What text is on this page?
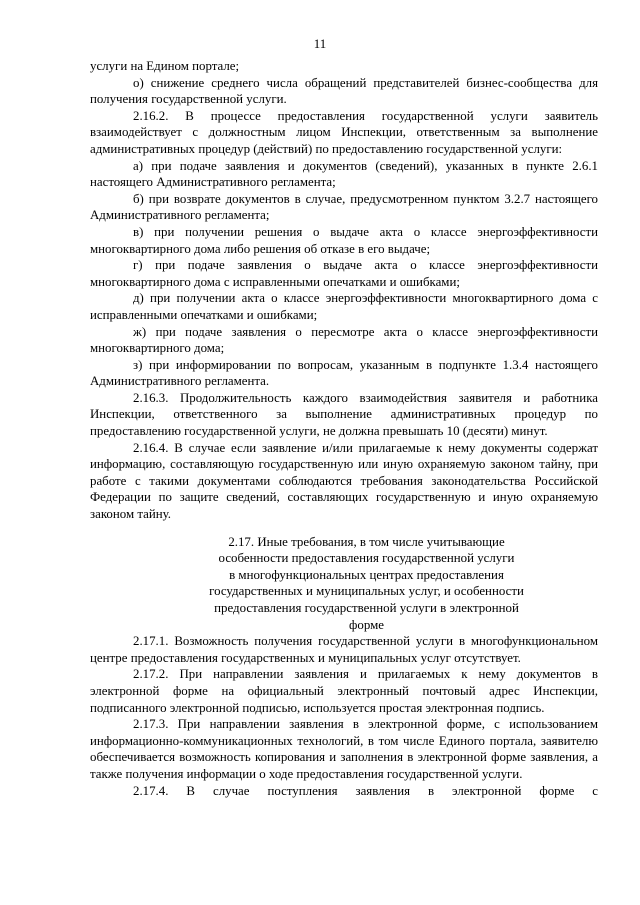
11

услуги на Едином портале;

о) снижение среднего числа обращений представителей бизнес-сообщества для получения государственной услуги.

2.16.2. В процессе предоставления государственной услуги заявитель взаимодействует с должностным лицом Инспекции, ответственным за выполнение административных процедур (действий) по предоставлению государственной услуги:

а) при подаче заявления и документов (сведений), указанных в пункте 2.6.1 настоящего Административного регламента;

б) при возврате документов в случае, предусмотренном пунктом 3.2.7 настоящего Административного регламента;

в) при получении решения о выдаче акта о классе энергоэффективности многоквартирного дома либо решения об отказе в его выдаче;

г) при подаче заявления о выдаче акта о классе энергоэффективности многоквартирного дома с исправленными опечатками и ошибками;

д) при получении акта о классе энергоэффективности многоквартирного дома с исправленными опечатками и ошибками;

ж) при подаче заявления о пересмотре акта о классе энергоэффективности многоквартирного дома;

з) при информировании по вопросам, указанным в подпункте 1.3.4 настоящего Административного регламента.

2.16.3. Продолжительность каждого взаимодействия заявителя и работника Инспекции, ответственного за выполнение административных процедур по предоставлению государственной услуги, не должна превышать 10 (десяти) минут.

2.16.4. В случае если заявление и/или прилагаемые к нему документы содержат информацию, составляющую государственную или иную охраняемую законом тайну, при работе с такими документами соблюдаются требования законодательства Российской Федерации по защите сведений, составляющих государственную и иную охраняемую законом тайну.

2.17. Иные требования, в том числе учитывающие
особенности предоставления государственной услуги
в многофункциональных центрах предоставления
государственных и муниципальных услуг, и особенности
предоставления государственной услуги в электронной
форме

2.17.1. Возможность получения государственной услуги в многофункциональном центре предоставления государственных и муниципальных услуг отсутствует.

2.17.2. При направлении заявления и прилагаемых к нему документов в электронной форме на официальный электронный почтовый адрес Инспекции, подписанного электронной подписью, используется простая электронная подпись.

2.17.3. При направлении заявления в электронной форме, с использованием информационно-коммуникационных технологий, в том числе Единого портала, заявителю обеспечивается возможность копирования и заполнения в электронной форме заявления, а также получения информации о ходе предоставления государственной услуги.

2.17.4. В случае поступления заявления в электронной форме с
